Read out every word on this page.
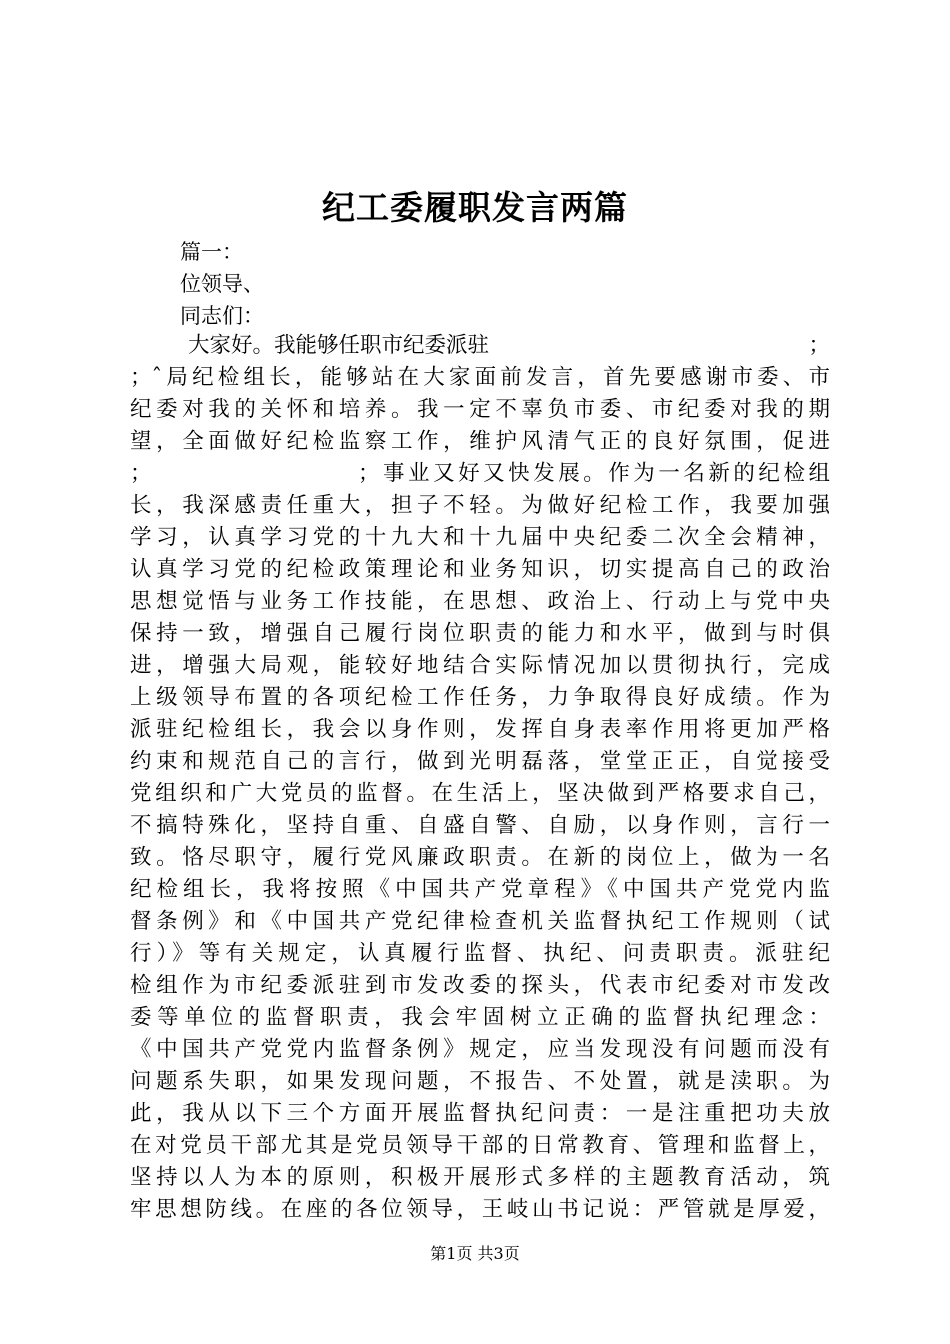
纪工委履职发言两篇
篇一：
位领导、
同志们：
大家好。我能够任职市纪委派驻	；
；ˆ局纪检组长，能够站在大家面前发言，首先要感谢市委、市
纪委对我的关怀和培养。我一定不辜负市委、市纪委对我的期
望，全面做好纪检监察工作，维护风清气正的良好氛围，促进
；	；事业又好又快发展。作为一名新的纪检组
长，我深感责任重大，担子不轻。为做好纪检工作，我要加强
学习，认真学习党的十九大和十九届中央纪委二次全会精神，
认真学习党的纪检政策理论和业务知识，切实提高自己的政治
思想觉悟与业务工作技能，在思想、政治上、行动上与党中央
保持一致，增强自己履行岗位职责的能力和水平，做到与时俱
进，增强大局观，能较好地结合实际情况加以贯彻执行，完成
上级领导布置的各项纪检工作任务，力争取得良好成绩。作为
派驻纪检组长，我会以身作则，发挥自身表率作用将更加严格
约束和规范自己的言行，做到光明磊落，堂堂正正，自觉接受
党组织和广大党员的监督。在生活上，坚决做到严格要求自己，
不搞特殊化，坚持自重、自盛自警、自励，以身作则，言行一
致。恪尽职守，履行党风廉政职责。在新的岗位上，做为一名
纪检组长，我将按照《中国共产党章程》《中国共产党党内监
督条例》和《中国共产党纪律检查机关监督执纪工作规则（试
行）》等有关规定，认真履行监督、执纪、问责职责。派驻纪
检组作为市纪委派驻到市发改委的探头，代表市纪委对市发改
委等单位的监督职责，我会牢固树立正确的监督执纪理念：
《中国共产党党内监督条例》规定，应当发现没有问题而没有
问题系失职，如果发现问题，不报告、不处置，就是渎职。为
此，我从以下三个方面开展监督执纪问责：一是注重把功夫放
在对党员干部尤其是党员领导干部的日常教育、管理和监督上，
坚持以人为本的原则，积极开展形式多样的主题教育活动，筑
牢思想防线。在座的各位领导，王岐山书记说：严管就是厚爱，
第1页 共3页
